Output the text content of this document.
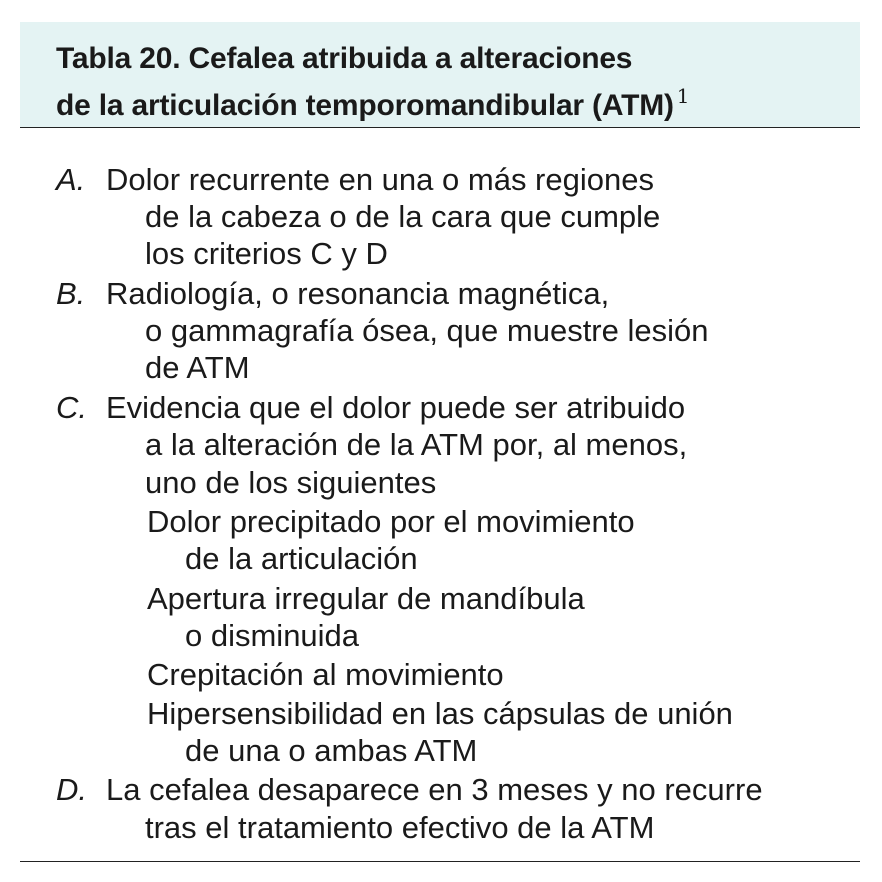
Tabla 20. Cefalea atribuida a alteraciones
de la articulación temporomandibular (ATM) $^1$
A. Dolor recurrente en una o más regiones
de la cabeza o de la cara que cumple
los criterios C y D
B. Radiología, o resonancia magnética,
o gammagrafía ósea, que muestre lesión
de ATM
C. Evidencia que el dolor puede ser atribuido
a la alteración de la ATM por, al menos,
uno de los siguientes
Dolor precipitado por el movimiento
de la articulación
Apertura irregular de mandíbula
o disminuida
Crepitación al movimiento
Hipersensibilidad en las cápsulas de unión
de una o ambas ATM
D. La cefalea desaparece en 3 meses y no recurre
tras el tratamiento efectivo de la ATM
